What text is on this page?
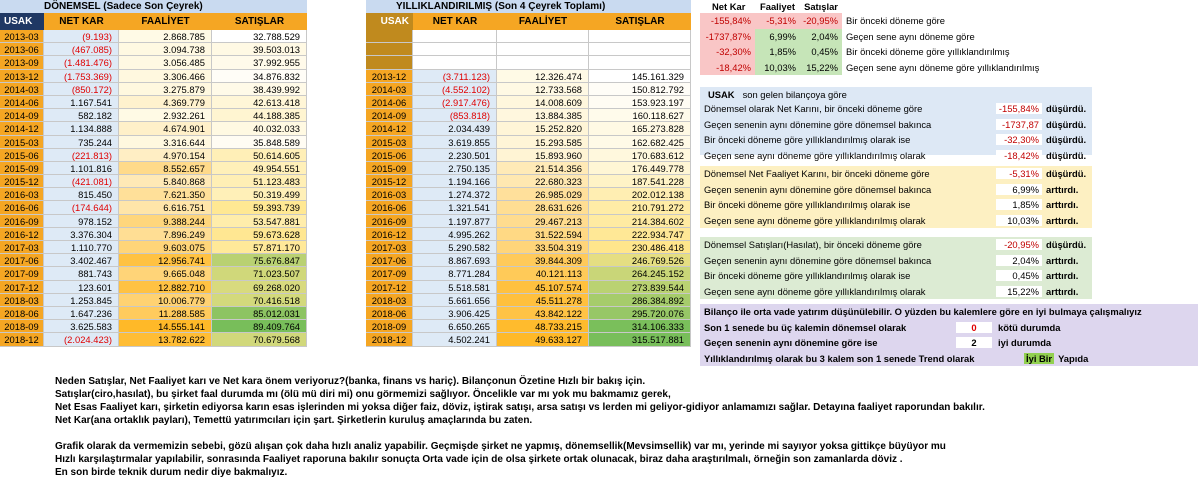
DÖNEMSEL (Sadece Son Çeyrek)
USAK	NET KAR	FAALİYET	SATIŞLAR
2013-03	(9.193)	2.868.785	32.788.529
2013-06	(467.085)	3.094.738	39.503.013
2013-09	(1.481.476)	3.056.485	37.992.955
2013-12	(1.753.369)	3.306.466	34.876.832
2014-03	(850.172)	3.275.879	38.439.992
2014-06	1.167.541	4.369.779	42.613.418
2014-09	582.182	2.932.261	44.188.385
2014-12	1.134.888	4.674.901	40.032.033
2015-03	735.244	3.316.644	35.848.589
2015-06	(221.813)	4.970.154	50.614.605
2015-09	1.101.816	8.552.657	49.954.551
2015-12	(421.081)	5.840.868	51.123.483
2016-03	815.450	7.621.350	50.319.499
2016-06	(174.644)	6.616.751	59.393.739
2016-09	978.152	9.388.244	53.547.881
2016-12	3.376.304	7.896.249	59.673.628
2017-03	1.110.770	9.603.075	57.871.170
2017-06	3.402.467	12.956.741	75.676.847
2017-09	881.743	9.665.048	71.023.507
2017-12	123.601	12.882.710	69.268.020
2018-03	1.253.845	10.006.779	70.416.518
2018-06	1.647.236	11.288.585	85.012.031
2018-09	3.625.583	14.555.141	89.409.764
2018-12	(2.024.423)	13.782.622	70.679.568
YILLIKLANDIRILMIŞ (Son 4 Çeyrek Toplamı)
USAK	NET KAR	FAALİYET	SATIŞLAR
2013-12	(3.711.123)	12.326.474	145.161.329
2014-03	(4.552.102)	12.733.568	150.812.792
2014-06	(2.917.476)	14.008.609	153.923.197
2014-09	(853.818)	13.884.385	160.118.627
2014-12	2.034.439	15.252.820	165.273.828
2015-03	3.619.855	15.293.585	162.682.425
2015-06	2.230.501	15.893.960	170.683.612
2015-09	2.750.135	21.514.356	176.449.778
2015-12	1.194.166	22.680.323	187.541.228
2016-03	1.274.372	26.985.029	202.012.138
2016-06	1.321.541	28.631.626	210.791.272
2016-09	1.197.877	29.467.213	214.384.602
2016-12	4.995.262	31.522.594	222.934.747
2017-03	5.290.582	33.504.319	230.486.418
2017-06	8.867.693	39.844.309	246.769.526
2017-09	8.771.284	40.121.113	264.245.152
2017-12	5.518.581	45.107.574	273.839.544
2018-03	5.661.656	45.511.278	286.384.892
2018-06	3.906.425	43.842.122	295.720.076
2018-09	6.650.265	48.733.215	314.106.333
2018-12	4.502.241	49.633.127	315.517.881
Net Kar	Faaliyet Satışlar
-155,84%	-5,31% -20,95% Bir önceki döneme göre
-1737,87%	6,99%	2,04% Geçen sene aynı döneme göre
-32,30%	1,85%	0,45% Bir önceki döneme göre yıllıklandırılmış
-18,42%	10,03%	15,22% Geçen sene aynı döneme göre yıllıklandırılmış
USAK son gelen bilançoya göre
Dönemsel olarak Net Karını, bir önceki döneme göre	-155,84% düşürdü.
Geçen senenin aynı dönemine göre dönemsel bakınca	-1737,87 düşürdü.
Bir önceki döneme göre yıllıklandırılmış olarak ise	-32,30% düşürdü.
Geçen sene aynı döneme göre yıllıklandırılmış olarak	-18,42% düşürdü.
Dönemsel Net Faaliyet Karını, bir önceki döneme göre	-5,31% düşürdü.
Geçen senenin aynı dönemine göre dönemsel bakınca	6,99% arttırdı.
Bir önceki döneme göre yıllıklandırılmış olarak ise	1,85% arttırdı.
Geçen sene aynı döneme göre yıllıklandırılmış olarak	10,03% arttırdı.
Dönemsel Satışları(Hasılat), bir önceki döneme göre	-20,95% düşürdü.
Geçen senenin aynı dönemine göre dönemsel bakınca	2,04% arttırdı.
Bir önceki döneme göre yıllıklandırılmış olarak ise	0,45% arttırdı.
Geçen sene aynı döneme göre yıllıklandırılmış olarak	15,22% arttırdı.
Bilanço ile orta vade yatırım düşünülebilir. O yüzden bu kalemlere göre en iyi bulmaya çalışmalıyız
Son 1 senede bu üç kalemin dönemsel olarak	0	kötü durumda
Geçen senenin aynı dönemine göre ise	2	iyi durumda
Yıllıklandırılmış olarak bu 3 kalem son 1 senede Trend olarak	İyi Bir Yapıda
Neden Satışlar, Net Faaliyet karı ve Net kara önem veriyoruz?(banka, finans vs hariç). Bilançonun Özetine Hızlı bir bakış için.
Satışlar(ciro,hasılat), bu şirket faal durumda mı (ölü mü diri mi) onu görmemizi sağlıyor. Öncelikle var mı yok mu bakmamız gerek,
Net Esas Faaliyet karı, şirketin ediyorsa karın esas işlerinden mi yoksa diğer faiz, döviz, iştirak satışı, arsa satışı vs lerden mi geliyor-gidiyor anlamamızı sağlar. Detayına faaliyet raporundan bakılır.
Net Kar(ana ortaklık payları), Temettü yatırımcıları için şart. Şirketlerin kuruluş amaçlarında bu zaten.
Grafik olarak da vermemizin sebebi, gözü alışan çok daha hızlı analiz yapabilir. Geçmişde şirket ne yapmış, dönemsellik(Mevsimsellik) var mı, yerinde mi sayıyor yoksa gittikçe büyüyor mu
Hızlı karşılaştırmalar yapılabilir, sonrasında Faaliyet raporuna bakılır sonuçta Orta vade için de olsa şirkete ortak olunacak, biraz daha araştırılmalı, örneğin son zamanlarda döviz .
En son birde teknik durum nedir diye bakmalıyız.
